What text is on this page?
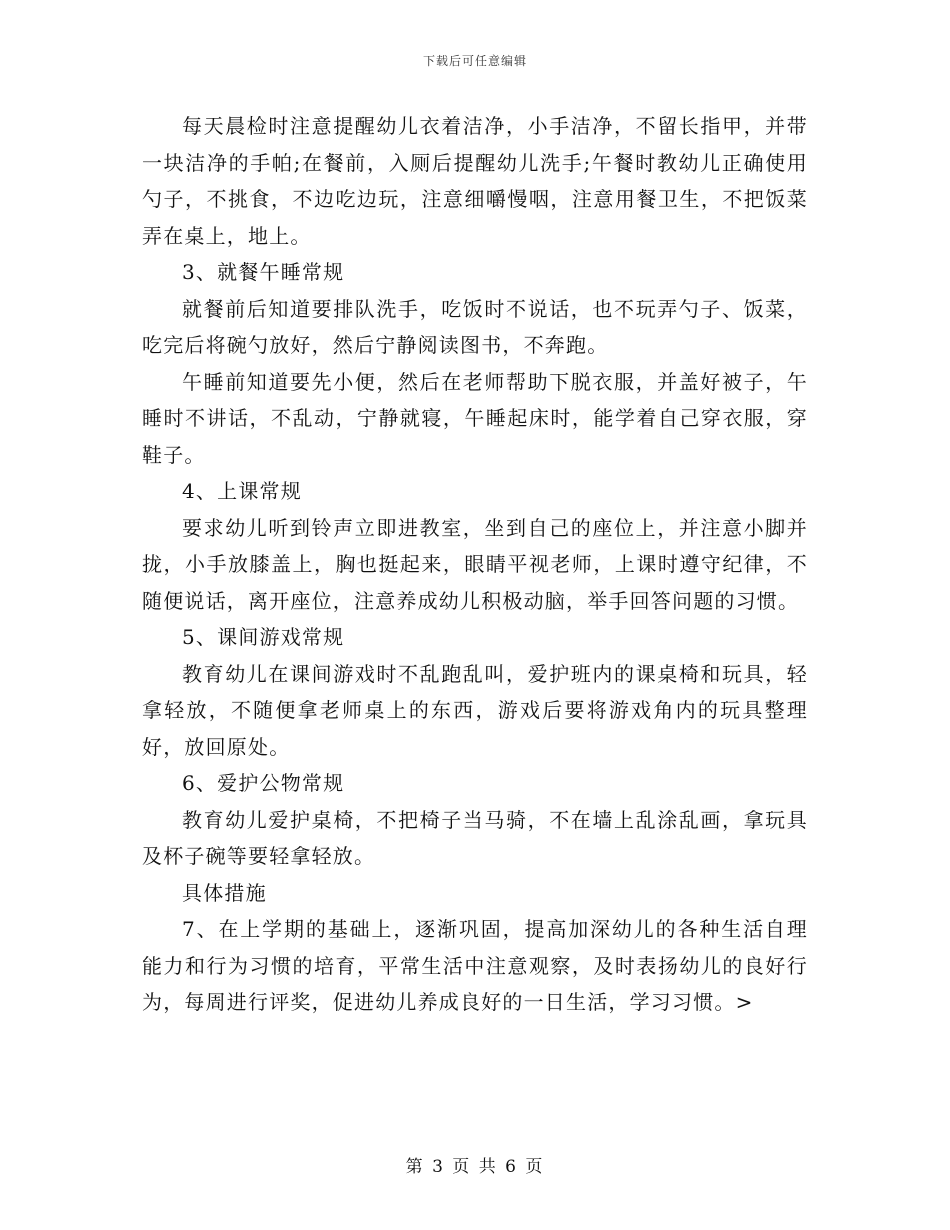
下载后可任意编辑

每天晨检时注意提醒幼儿衣着洁净，小手洁净，不留长指甲，并带一块洁净的手帕;在餐前，入厕后提醒幼儿洗手;午餐时教幼儿正确使用勺子，不挑食，不边吃边玩，注意细嚼慢咽，注意用餐卫生，不把饭菜弄在桌上，地上。

3、就餐午睡常规

就餐前后知道要排队洗手，吃饭时不说话，也不玩弄勺子、饭菜，吃完后将碗勺放好，然后宁静阅读图书，不奔跑。

午睡前知道要先小便，然后在老师帮助下脱衣服，并盖好被子，午睡时不讲话，不乱动，宁静就寝，午睡起床时，能学着自己穿衣服，穿鞋子。

4、上课常规

要求幼儿听到铃声立即进教室，坐到自己的座位上，并注意小脚并拢，小手放膝盖上，胸也挺起来，眼睛平视老师，上课时遵守纪律，不随便说话，离开座位，注意养成幼儿积极动脑，举手回答问题的习惯。

5、课间游戏常规

教育幼儿在课间游戏时不乱跑乱叫，爱护班内的课桌椅和玩具，轻拿轻放，不随便拿老师桌上的东西，游戏后要将游戏角内的玩具整理好，放回原处。

6、爱护公物常规

教育幼儿爱护桌椅，不把椅子当马骑，不在墙上乱涂乱画，拿玩具及杯子碗等要轻拿轻放。

具体措施

7、在上学期的基础上，逐渐巩固，提高加深幼儿的各种生活自理能力和行为习惯的培育，平常生活中注意观察，及时表扬幼儿的良好行为，每周进行评奖，促进幼儿养成良好的一日生活，学习习惯。>

第 3 页 共 6 页
